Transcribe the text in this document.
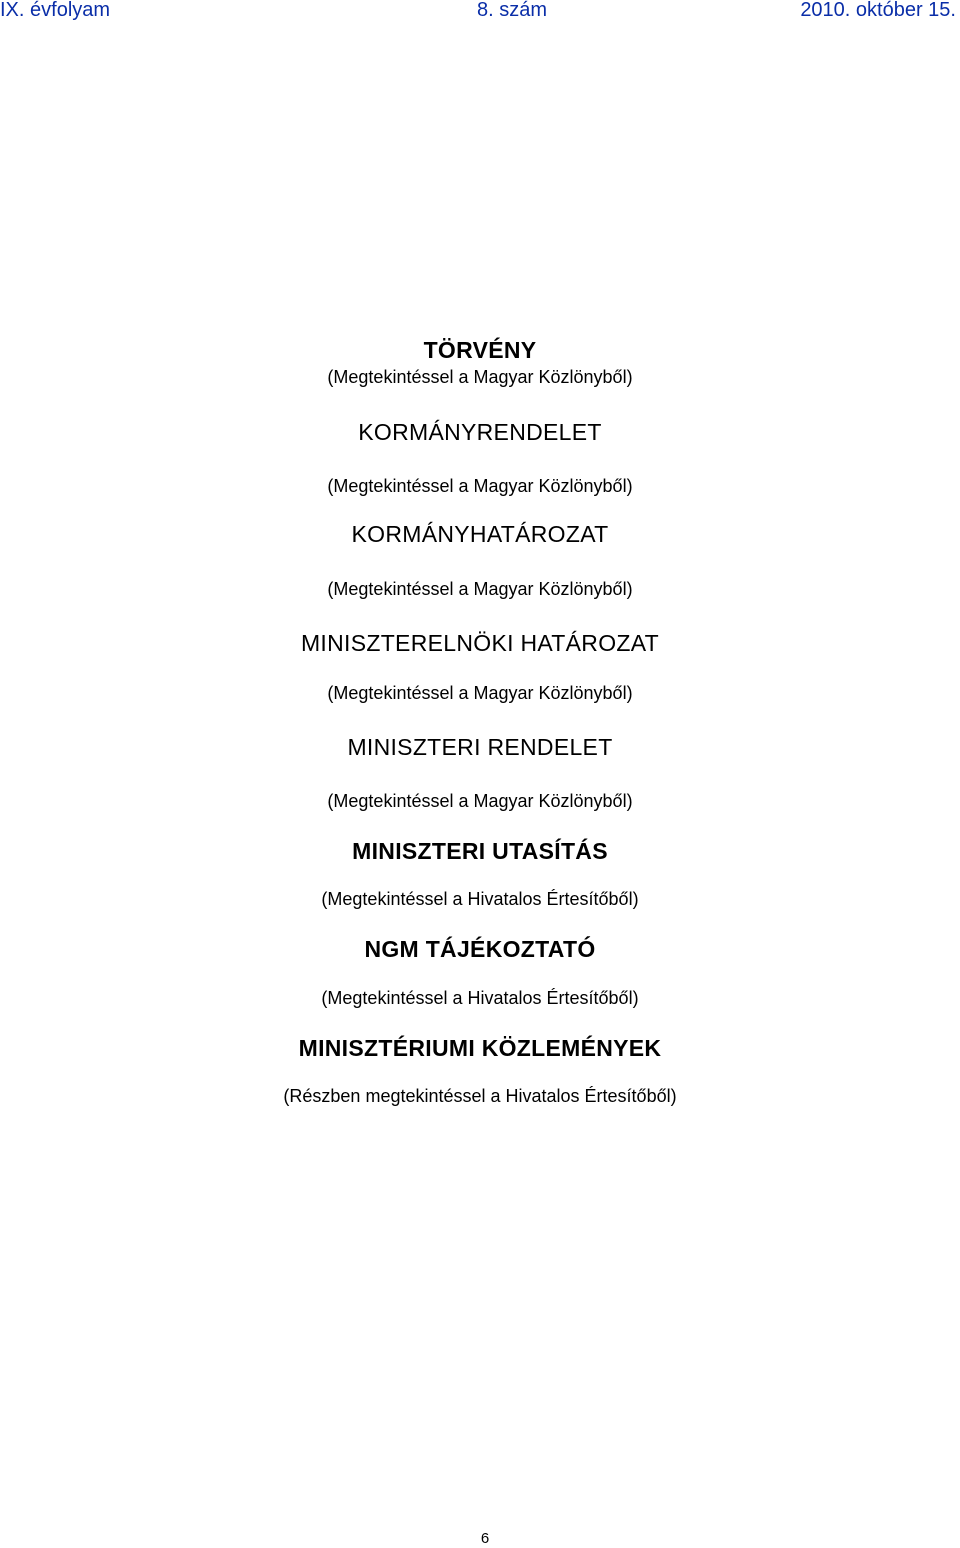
IX. évfolyam	8. szám	2010. október 15.
TÖRVÉNY

(Megtekintéssel a Magyar Közlönyből)

KORMÁNYRENDELET

(Megtekintéssel a Magyar Közlönyből)

KORMÁNYHATÁROZAT

(Megtekintéssel a Magyar Közlönyből)

MINISZTERELNÖKI HATÁROZAT

(Megtekintéssel a Magyar Közlönyből)

MINISZTERI RENDELET

(Megtekintéssel a Magyar Közlönyből)

MINISZTERI UTASÍTÁS

(Megtekintéssel a Hivatalos Értesítőből)

NGM TÁJÉKOZTATÓ

(Megtekintéssel a Hivatalos Értesítőből)

MINISZTÉRIUMI KÖZLEMÉNYEK

(Részben megtekintéssel a Hivatalos Értesítőből)

6
